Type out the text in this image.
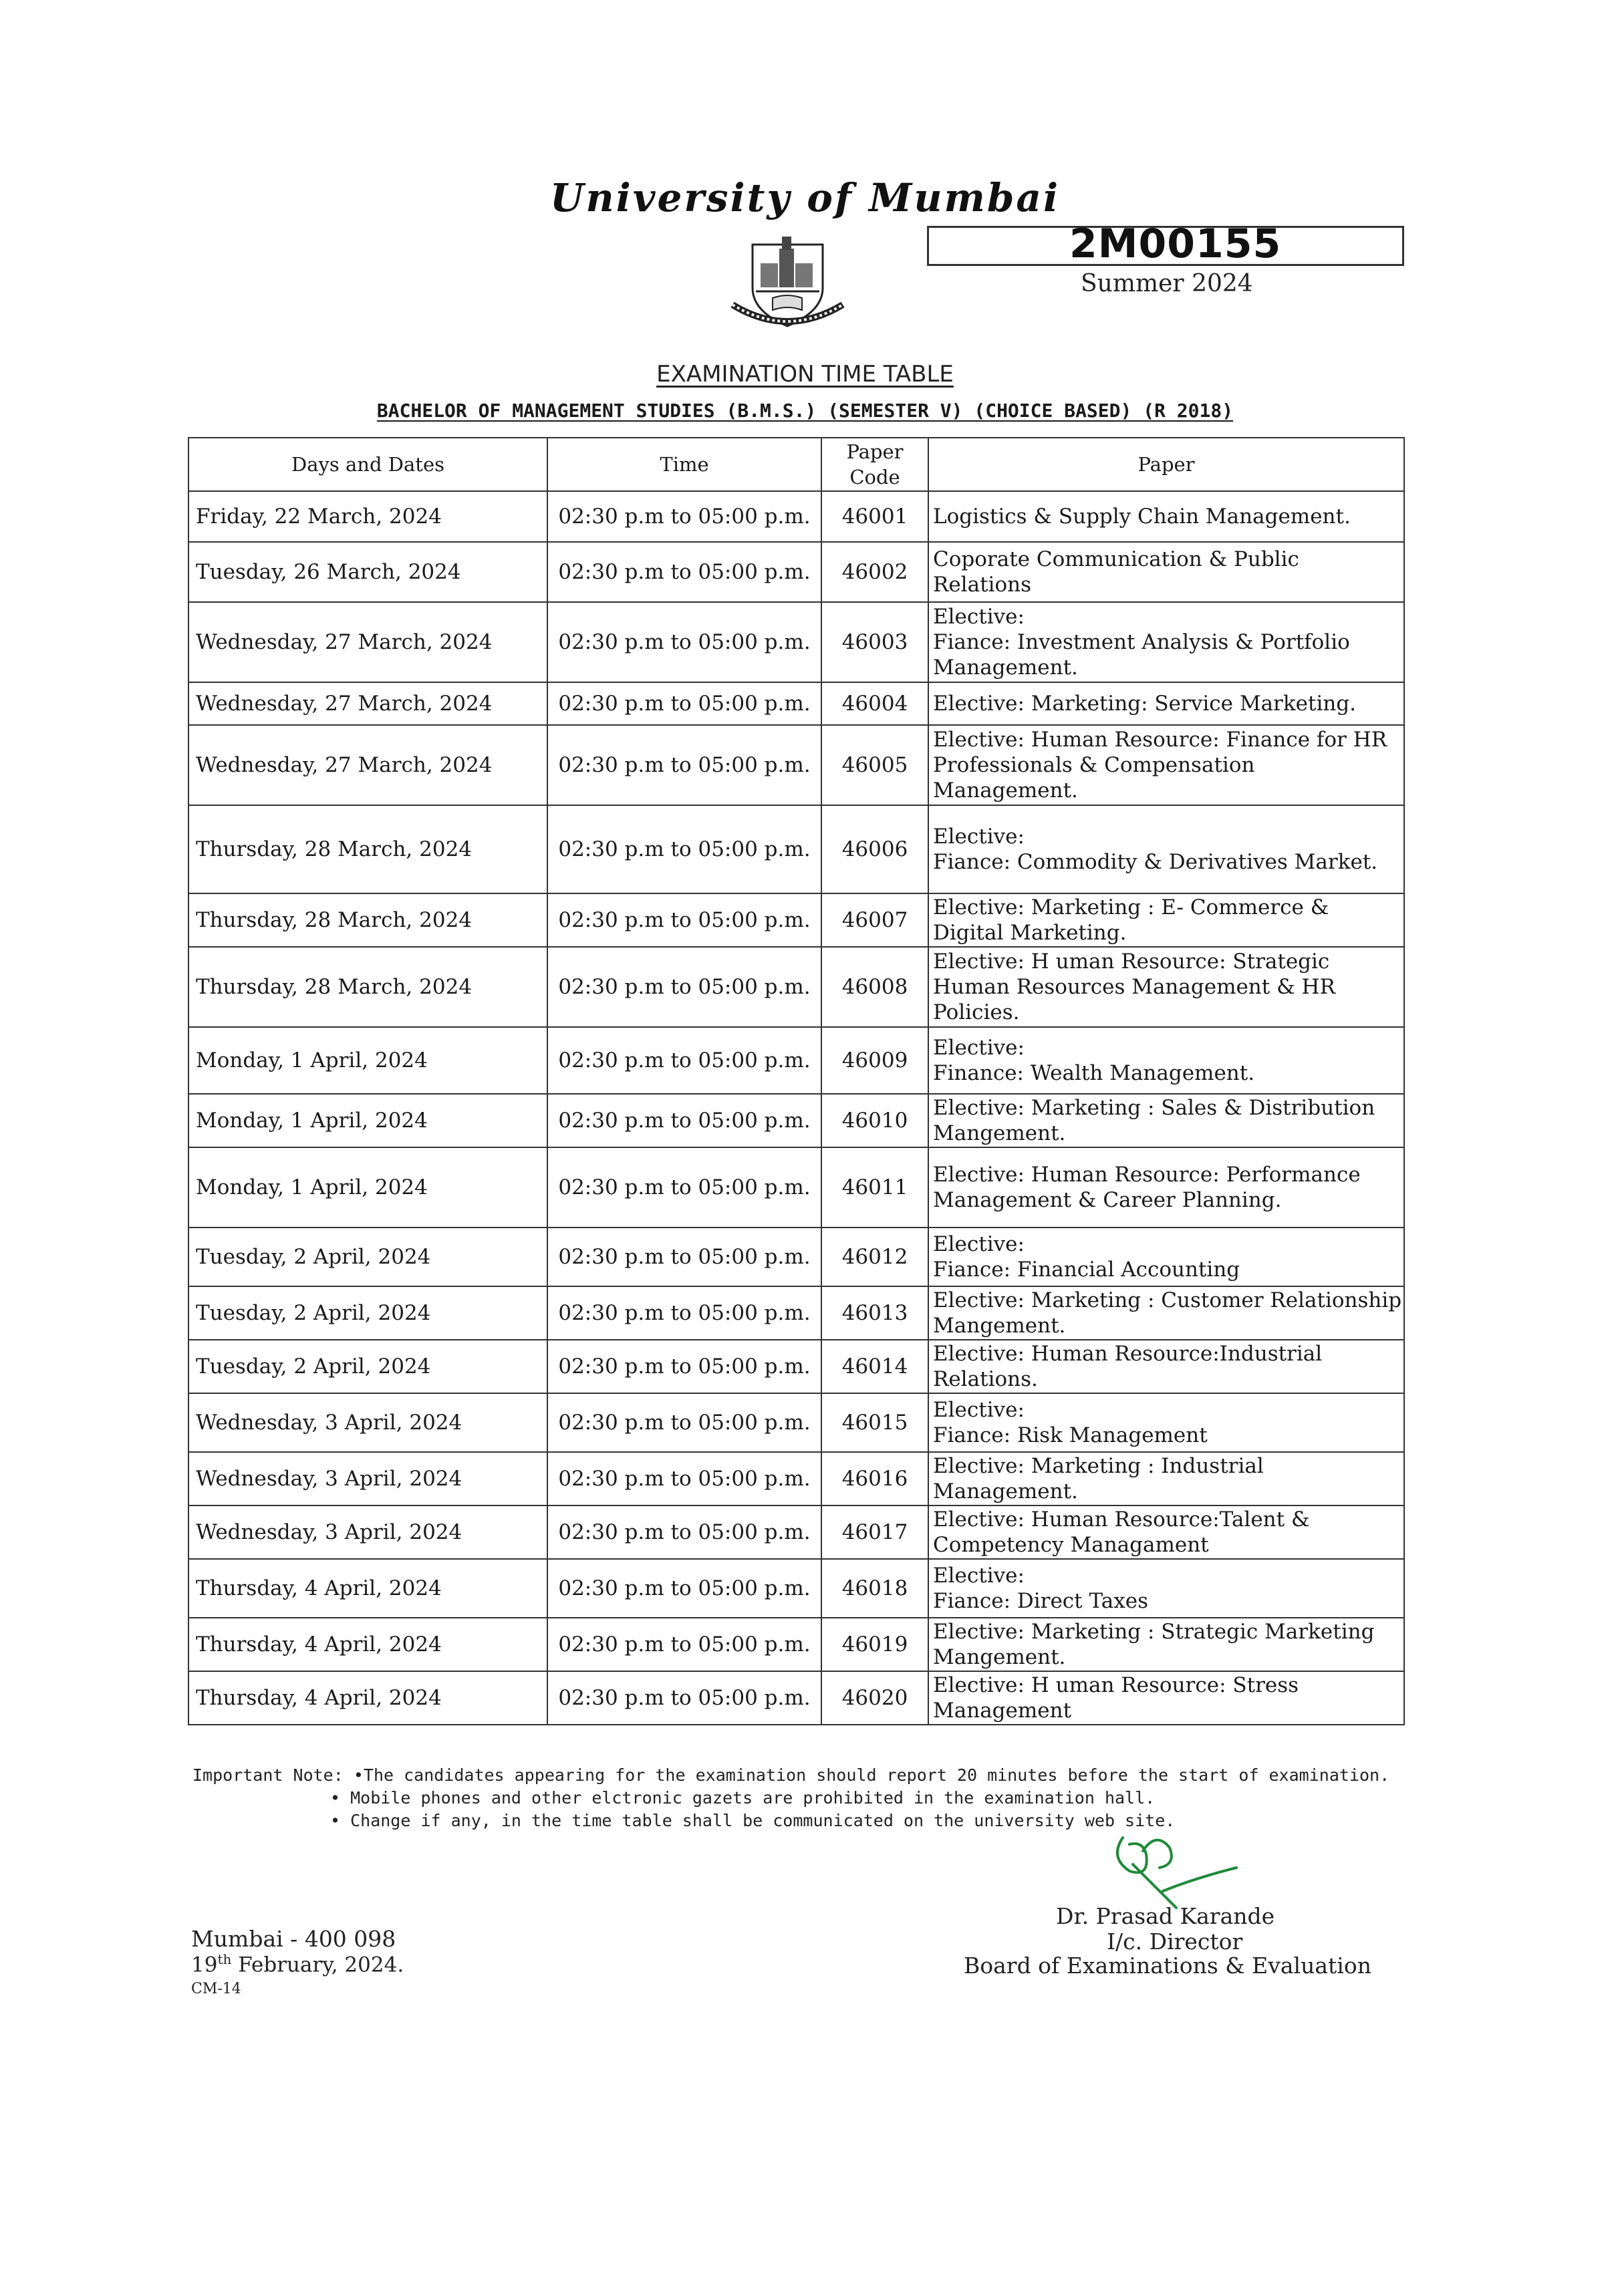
University of Mumbai
2M00155
Summer 2024
EXAMINATION TIME TABLE
BACHELOR OF MANAGEMENT STUDIES (B.M.S.) (SEMESTER V) (CHOICE BASED) (R 2018)
Days and Dates	Time	Paper Code	Paper
Friday, 22 March, 2024	02:30 p.m to 05:00 p.m.	46001	Logistics & Supply Chain Management.
Tuesday, 26 March, 2024	02:30 p.m to 05:00 p.m.	46002	Coporate Communication & Public Relations
Wednesday, 27 March, 2024	02:30 p.m to 05:00 p.m.	46003	Elective:
Fiance: Investment Analysis & Portfolio Management.
Wednesday, 27 March, 2024	02:30 p.m to 05:00 p.m.	46004	Elective: Marketing: Service Marketing.
Wednesday, 27 March, 2024	02:30 p.m to 05:00 p.m.	46005	Elective: Human Resource: Finance for HR Professionals & Compensation Management.
Thursday, 28 March, 2024	02:30 p.m to 05:00 p.m.	46006	Elective:
Fiance: Commodity & Derivatives Market.
Thursday, 28 March, 2024	02:30 p.m to 05:00 p.m.	46007	Elective: Marketing : E- Commerce & Digital Marketing.
Thursday, 28 March, 2024	02:30 p.m to 05:00 p.m.	46008	Elective: H uman Resource: Strategic Human Resources Management & HR Policies.
Monday, 1 April, 2024	02:30 p.m to 05:00 p.m.	46009	Elective:
Finance: Wealth Management.
Monday, 1 April, 2024	02:30 p.m to 05:00 p.m.	46010	Elective: Marketing : Sales & Distribution Mangement.
Monday, 1 April, 2024	02:30 p.m to 05:00 p.m.	46011	Elective: Human Resource: Performance Management & Career Planning.
Tuesday, 2 April, 2024	02:30 p.m to 05:00 p.m.	46012	Elective:
Fiance: Financial Accounting
Tuesday, 2 April, 2024	02:30 p.m to 05:00 p.m.	46013	Elective: Marketing : Customer Relationship Mangement.
Tuesday, 2 April, 2024	02:30 p.m to 05:00 p.m.	46014	Elective: Human Resource:Industrial Relations.
Wednesday, 3 April, 2024	02:30 p.m to 05:00 p.m.	46015	Elective:
Fiance: Risk Management
Wednesday, 3 April, 2024	02:30 p.m to 05:00 p.m.	46016	Elective: Marketing : Industrial Management.
Wednesday, 3 April, 2024	02:30 p.m to 05:00 p.m.	46017	Elective: Human Resource:Talent & Competency Managament
Thursday, 4 April, 2024	02:30 p.m to 05:00 p.m.	46018	Elective:
Fiance: Direct Taxes
Thursday, 4 April, 2024	02:30 p.m to 05:00 p.m.	46019	Elective: Marketing : Strategic Marketing Mangement.
Thursday, 4 April, 2024	02:30 p.m to 05:00 p.m.	46020	Elective: H uman Resource: Stress Management
Important Note: •The candidates appearing for the examination should report 20 minutes before the start of examination.
• Mobile phones and other elctronic gazets are prohibited in the examination hall.
• Change if any, in the time table shall be communicated on the university web site.
Dr. Prasad Karande
I/c. Director
Board of Examinations & Evaluation
Mumbai - 400 098
19th February, 2024.
CM-14
